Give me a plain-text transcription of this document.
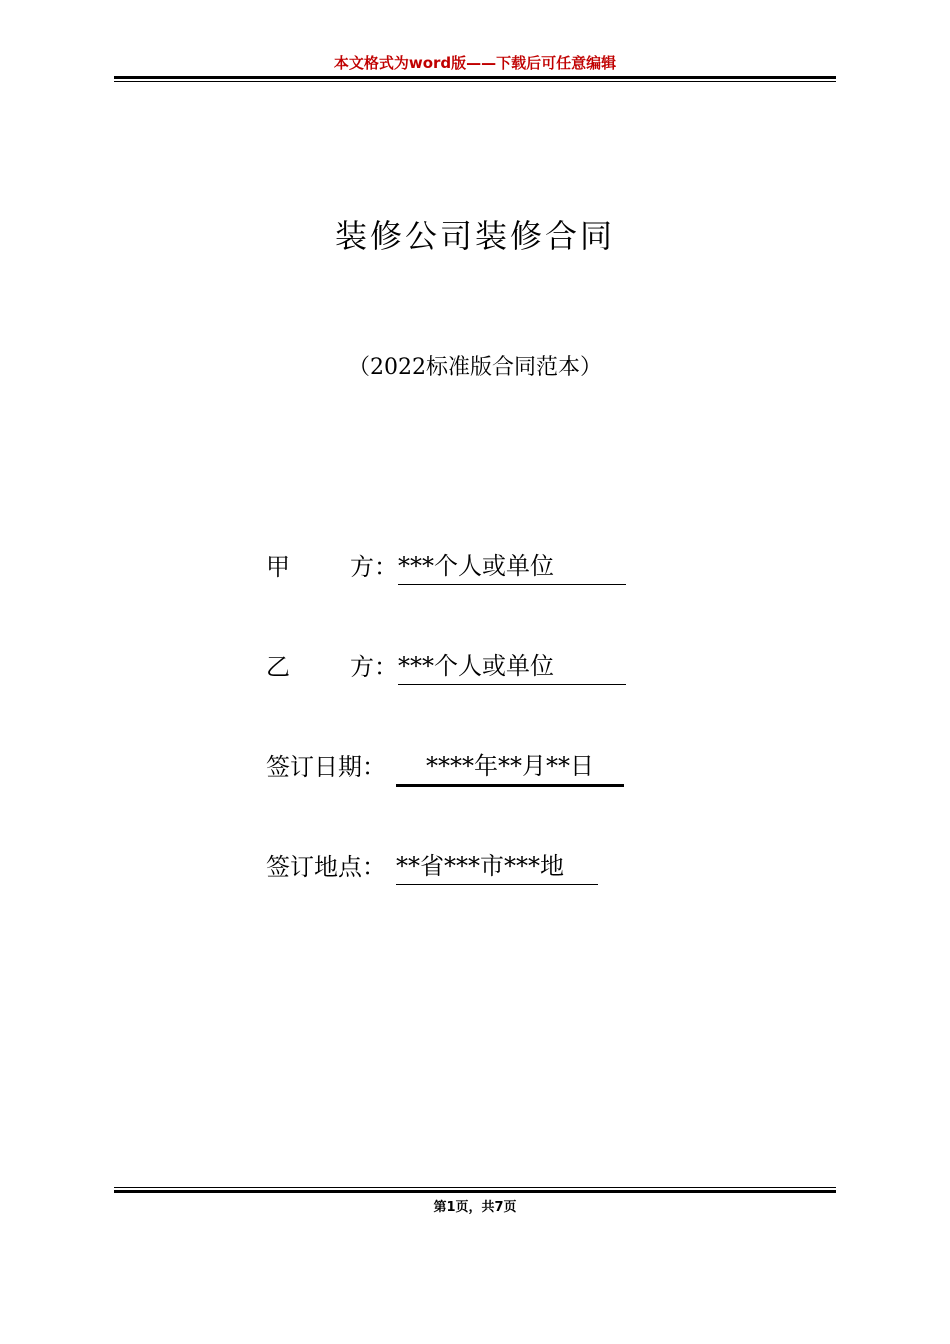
本文格式为word版——下载后可任意编辑
装修公司装修合同
（2022标准版合同范本）
甲	方： ***个人或单位
乙	方： ***个人或单位
签订日期：	****年**月**日
签订地点： **省***市***地
第1页，共7页
